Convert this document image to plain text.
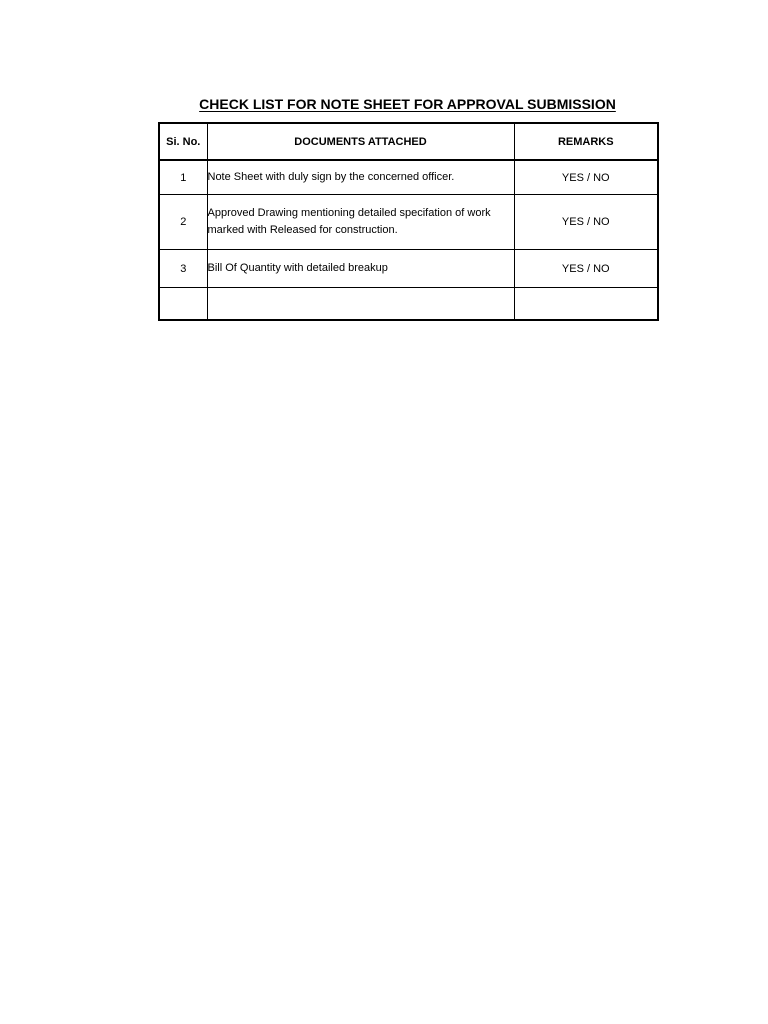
CHECK LIST FOR NOTE SHEET FOR APPROVAL SUBMISSION
Si. No.	DOCUMENTS ATTACHED	REMARKS
1	Note Sheet with duly sign by the concerned officer.	YES / NO
2	Approved Drawing mentioning detailed specifation of work marked with Released for construction.	YES / NO
3	Bill Of Quantity with detailed breakup	YES / NO
